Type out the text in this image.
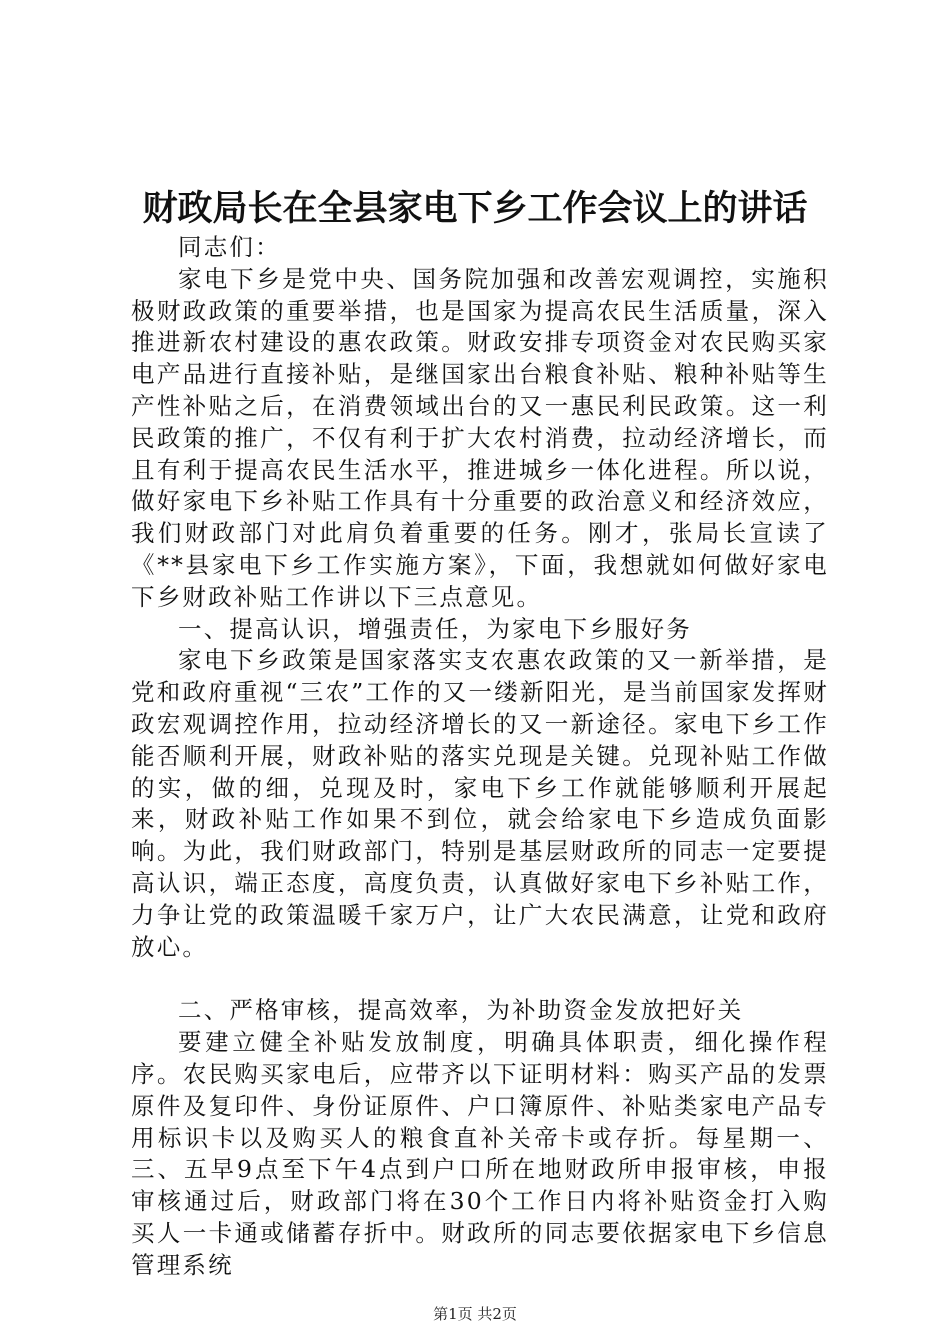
财政局长在全县家电下乡工作会议上的讲话

同志们：

家电下乡是党中央、国务院加强和改善宏观调控，实施积极财政政策的重要举措，也是国家为提高农民生活质量，深入推进新农村建设的惠农政策。财政安排专项资金对农民购买家电产品进行直接补贴，是继国家出台粮食补贴、粮种补贴等生产性补贴之后，在消费领域出台的又一惠民利民政策。这一利民政策的推广，不仅有利于扩大农村消费，拉动经济增长，而且有利于提高农民生活水平，推进城乡一体化进程。所以说，做好家电下乡补贴工作具有十分重要的政治意义和经济效应，我们财政部门对此肩负着重要的任务。刚才，张局长宣读了《**县家电下乡工作实施方案》，下面，我想就如何做好家电下乡财政补贴工作讲以下三点意见。

一、提高认识，增强责任，为家电下乡服好务

家电下乡政策是国家落实支农惠农政策的又一新举措，是党和政府重视“三农”工作的又一缕新阳光，是当前国家发挥财政宏观调控作用，拉动经济增长的又一新途径。家电下乡工作能否顺利开展，财政补贴的落实兑现是关键。兑现补贴工作做的实，做的细，兑现及时，家电下乡工作就能够顺利开展起来，财政补贴工作如果不到位，就会给家电下乡造成负面影响。为此，我们财政部门，特别是基层财政所的同志一定要提高认识，端正态度，高度负责，认真做好家电下乡补贴工作，力争让党的政策温暖千家万户，让广大农民满意，让党和政府放心。

二、严格审核，提高效率，为补助资金发放把好关

要建立健全补贴发放制度，明确具体职责，细化操作程序。农民购买家电后，应带齐以下证明材料：购买产品的发票原件及复印件、身份证原件、户口簿原件、补贴类家电产品专用标识卡以及购买人的粮食直补关帝卡或存折。每星期一、三、五早9点至下午4点到户口所在地财政所申报审核，申报审核通过后，财政部门将在30个工作日内将补贴资金打入购买人一卡通或储蓄存折中。财政所的同志要依据家电下乡信息管理系统

第1页 共2页
